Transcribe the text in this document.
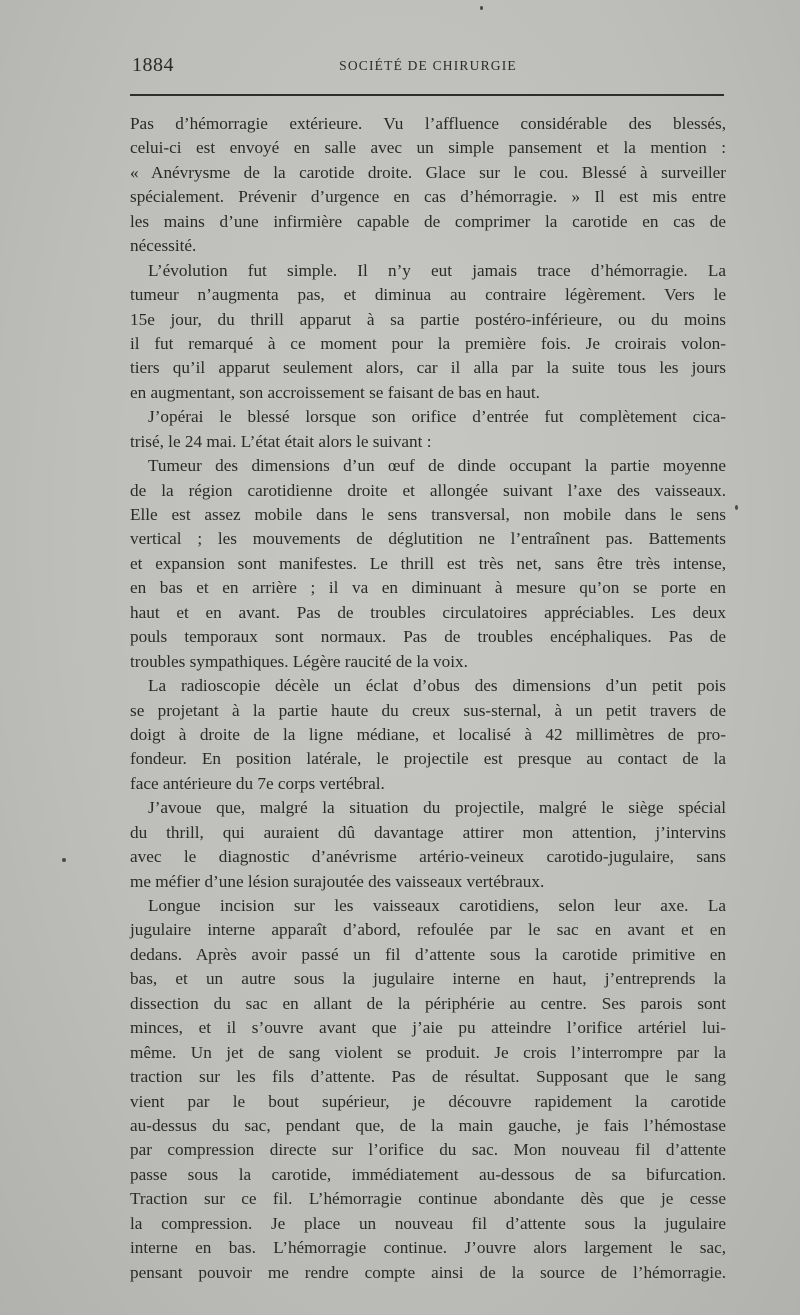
1884	SOCIÉTÉ DE CHIRURGIE
Pas d’hémorragie extérieure. Vu l’affluence considérable des blessés,
celui-ci est envoyé en salle avec un simple pansement et la mention :
« Anévrysme de la carotide droite. Glace sur le cou. Blessé à surveiller
spécialement. Prévenir d’urgence en cas d’hémorragie. » Il est mis entre
les mains d’une infirmière capable de comprimer la carotide en cas de
nécessité.
L’évolution fut simple. Il n’y eut jamais trace d’hémorragie. La
tumeur n’augmenta pas, et diminua au contraire légèrement. Vers le
15e jour, du thrill apparut à sa partie postéro-inférieure, ou du moins
il fut remarqué à ce moment pour la première fois. Je croirais volon-
tiers qu’il apparut seulement alors, car il alla par la suite tous les jours
en augmentant, son accroissement se faisant de bas en haut.
J’opérai le blessé lorsque son orifice d’entrée fut complètement cica-
trisé, le 24 mai. L’état était alors le suivant :
Tumeur des dimensions d’un œuf de dinde occupant la partie moyenne
de la région carotidienne droite et allongée suivant l’axe des vaisseaux.
Elle est assez mobile dans le sens transversal, non mobile dans le sens
vertical ; les mouvements de déglutition ne l’entraînent pas. Battements
et expansion sont manifestes. Le thrill est très net, sans être très intense,
en bas et en arrière ; il va en diminuant à mesure qu’on se porte en
haut et en avant. Pas de troubles circulatoires appréciables. Les deux
pouls temporaux sont normaux. Pas de troubles encéphaliques. Pas de
troubles sympathiques. Légère raucité de la voix.
La radioscopie décèle un éclat d’obus des dimensions d’un petit pois
se projetant à la partie haute du creux sus-sternal, à un petit travers de
doigt à droite de la ligne médiane, et localisé à 42 millimètres de pro-
fondeur. En position latérale, le projectile est presque au contact de la
face antérieure du 7e corps vertébral.
J’avoue que, malgré la situation du projectile, malgré le siège spécial
du thrill, qui auraient dû davantage attirer mon attention, j’intervins
avec le diagnostic d’anévrisme artério-veineux carotido-jugulaire, sans
me méfier d’une lésion surajoutée des vaisseaux vertébraux.
Longue incision sur les vaisseaux carotidiens, selon leur axe. La
jugulaire interne apparaît d’abord, refoulée par le sac en avant et en
dedans. Après avoir passé un fil d’attente sous la carotide primitive en
bas, et un autre sous la jugulaire interne en haut, j’entreprends la
dissection du sac en allant de la périphérie au centre. Ses parois sont
minces, et il s’ouvre avant que j’aie pu atteindre l’orifice artériel lui-
même. Un jet de sang violent se produit. Je crois l’interrompre par la
traction sur les fils d’attente. Pas de résultat. Supposant que le sang
vient par le bout supérieur, je découvre rapidement la carotide
au-dessus du sac, pendant que, de la main gauche, je fais l’hémostase
par compression directe sur l’orifice du sac. Mon nouveau fil d’attente
passe sous la carotide, immédiatement au-dessous de sa bifurcation.
Traction sur ce fil. L’hémorragie continue abondante dès que je cesse
la compression. Je place un nouveau fil d’attente sous la jugulaire
interne en bas. L’hémorragie continue. J’ouvre alors largement le sac,
pensant pouvoir me rendre compte ainsi de la source de l’hémorragie.
